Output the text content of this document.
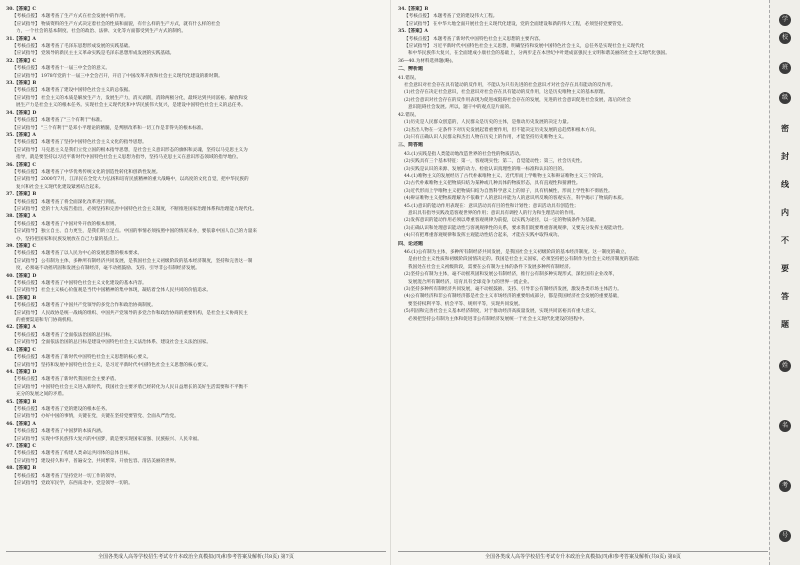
30.【答案】C
【考核点拨】 本题考查了生产方式在社会发展中的作用。
【应试指导】 物质资料的生产方式决定着社会的性质和面貌，有什么样的生产方式，就有什么样的社会
力，一个社会的基本制度、社会的政治、法律、文化等方面都受到生产方式的制约。
31.【答案】A
【考核点拨】 本题考查了毛泽东思想形成发展的实践基础。
【应试指导】 党领导的新民主主义革命实践是毛泽东思想形成发展的实践基础。
32.【答案】C
【考核点拨】 本题考查十一届三中全会的意义。
【应试指导】 1978年党的十一届三中全会召开，开启了中国改革开放和社会主义现代化建设的新时期。
33.【答案】B
【考核点拨】 本题考查了建设中国特色社会主义的总依据。
【应试指导】 社会主义的本质是解放生产力，发展生产力，消灭剥削，消除两极分化，最终达到共同富裕。解放和发
展生产力是社会主义的根本任务。实现社会主义现代化和中华民族伟大复兴，是建设中国特色社会主义的总任务。
34.【答案】D
【考核点拨】 本题考查了"三个有利于"标准。
【应试指导】 "三个有利于"是邓小平理论的精髓，是判断改革和一切工作是非得失的根本标准。
35.【答案】A
【考核点拨】 本题考查了坚持中国特色社会主义文化的指导思想。
【应试指导】 马克思主义是我们立党立国的根本指导思想，是社会主义意识形态的旗帜和灵魂，坚持以马克思主义为
指导，就是要坚持以习近平新时代中国特色社会主义思想为指导，坚持马克思主义在意识形态领域的指导地位。
36.【答案】C
【考核点拨】 本题考查了中华优秀传统文化的创造性转化和创新性发展。
【应试指导】 2000年7月，江泽民在全党大力弘扬和培育民族精神的重大战略中，以高度的文化自觉，把中华民族的
复兴和社会主义现代化建设紧密结合起来。
37.【答案】B
【考核点拨】 本题考查了将全面深化改革进行到底。
【应试指导】 党的十九大报告指出，必须坚持和完善中国特色社会主义制度，不断推进国家治理体系和治理能力现代化。
38.【答案】A
【考核点拨】 本题考查了中国对外开放的根本原则。
【应试指导】 独立自主、自力更生，是我们的立足点。中国的事情必须按照中国的情况来办，要依靠中国人自己的力量来
办，坚持把国家和民族发展放在自己力量的基点上。
39.【答案】C
【考核点拨】 本题考查了以人民为中心的发展思想的根本要求。
【应试指导】 公有制为主体，多种所有制经济共同发展，是我国社会主义初级阶段的基本经济制度，坚持和完善这一制
度，必须毫不动摇巩固和发展公有制经济，毫不动摇鼓励、支持、引导非公有制经济发展。
40.【答案】D
【考核点拨】 本题考查了中国特色社会主义文化建设的基本内容。
【应试指导】 社会主义核心价值观是当代中国精神的集中体现，凝结着全体人民共同的价值追求。
41.【答案】B
【考核点拨】 本题考查了中国共产党领导的多党合作和政治协商制度。
【应试指导】 人民政协是统一战线的组织、中国共产党领导的多党合作和政治协商的重要机构，是社会主义协商民主
的重要渠道和专门协商机构。
42.【答案】A
【考核点拨】 本题考查了全面依法治国的总目标。
【应试指导】 全面依法治国的总目标是建设中国特色社会主义法治体系、建设社会主义法治国家。
43.【答案】C
【考核点拨】 本题考查了新时代中国特色社会主义思想的核心要义。
【应试指导】 坚持和发展中国特色社会主义，是习近平新时代中国特色社会主义思想的核心要义。
44.【答案】D
【考核点拨】 本题考查了新时代我国社会主要矛盾。
【应试指导】 中国特色社会主义进入新时代，我国社会主要矛盾已经转化为人民日益增长的美好生活需要和不平衡不
充分的发展之间的矛盾。
45.【答案】B
【考核点拨】 本题考查了党的建设的根本任务。
【应试指导】 办好中国的事情，关键在党，关键在坚持党要管党、全面从严治党。
46.【答案】A
【考核点拨】 本题考查了中国梦的本质内涵。
【应试指导】 实现中华民族伟大复兴的中国梦，就是要实现国家富强、民族振兴、人民幸福。
47.【答案】C
【考核点拨】 本题考查了构建人类命运共同体的总体目标。
【应试指导】 建设持久和平、普遍安全、共同繁荣、开放包容、清洁美丽的世界。
48.【答案】B
【考核点拨】 本题考查了坚持党对一切工作的领导。
【应试指导】 党政军民学，东西南北中，党是领导一切的。
34.【答案】B
【考核点拨】 本题考查了党的建设伟大工程。
【应试指导】 在中华大地全面开展社会主义现代化建设，党的全面建设和新的伟大工程，必须坚持党要管党。
35.【答案】A
【考核点拨】 本题考查了新时代中国特色社会主义思想的主要内容。
【应试指导】 习近平新时代中国特色社会主义思想，明确坚持和发展中国特色社会主义，总任务是实现社会主义现代化
和中华民族伟大复兴，在全面建成小康社会的基础上，分两步走在本世纪中叶建成富强民主文明和谐美丽的社会主义现代化强国。
36—40.为材料选择题(略)。
二、辨析题
41.错误。
社会意识对社会存在具有能动的反作用，不能认为只有先进的社会意识才对社会存在具有能动的反作用。
(1)社会存在决定社会意识，社会意识对社会存在具有能动的反作用，这是历史唯物主义的基本原理。
(2)社会意识对社会存在的反作用表现为促进或阻碍社会存在的发展，先进的社会意识促进社会发展，落后的社会
意识阻碍社会发展。所以，题干中的观点是片面的。
42.错误。
(1)历史是人民群众创造的，人民群众是历史的主体，是推动历史发展的决定力量。
(2)杰出人物在一定条件下对历史发展起着重要作用，但不能决定历史发展的总趋势和根本方向。
(3)只有正确认识人民群众和杰出人物在历史上的作用，才能坚持历史唯物主义。
三、简答题
43.(1)实践是指人类能动地改造世界的社会性的物质活动。
(2)实践具有三个基本特征：第一，客观现实性；第二，自觉能动性；第三，社会历史性。
(3)实践是认识的来源、发展的动力、检验认识真理性的唯一标准和认识的目的。
44.(1)唯物主义的发展经历了古代朴素唯物主义、近代形而上学唯物主义和辩证唯物主义三个阶段。
(2)古代朴素唯物主义把物质归结为某种或几种具体的物质形态，具有直观性和猜测性。
(3)近代形而上学唯物主义把物质归结为自然科学意义上的原子，具有机械性、形而上学性和不彻底性。
(4)辩证唯物主义把物质理解为不依赖于人的意识并能为人的意识所反映的客观实在，科学揭示了物质的本质。
45.(1)意识的能动作用表现在：意识活动具有目的性和计划性；意识活动具有创造性；
意识具有指导实践改造客观世界的作用；意识具有调控人的行为和生理活动的作用。
(2)发挥意识的能动作用必须以尊重客观规律为前提，以实践为途径，以一定的物质条件为基础。
(3)正确认识和处理意识能动性与客观规律性的关系，要求我们既要尊重客观规律，又要充分发挥主观能动性。
(4)只有把尊重客观规律和发挥主观能动性结合起来，才能在实践中取得成功。
四、论述题
46.(1)公有制为主体，多种所有制经济共同发展，是我国社会主义初级阶段的基本经济制度。这一制度的确立，
是由社会主义性质和初级阶段国情决定的。我国是社会主义国家，必须坚持把公有制作为社会主义经济制度的基础；
我国处在社会主义初级阶段，需要在公有制为主体的条件下发展多种所有制经济。
(2)坚持公有制为主体，毫不动摇巩固和发展公有制经济，推行公有制多种实现形式，深化国有企业改革，
发展混合所有制经济，培育具有全球竞争力的世界一流企业。
(3)坚持多种所有制经济共同发展，毫不动摇鼓励、支持、引导非公有制经济发展，激发各类市场主体活力。
(4)公有制经济和非公有制经济都是社会主义市场经济的重要组成部分，都是我国经济社会发展的重要基础，
要坚持权利平等、机会平等、规则平等，实现共同发展。
(5)巩固和完善社会主义基本经济制度，对于推动经济高质量发展，实现共同富裕具有重大意义，
必须把坚持公有制为主体和促进非公有制经济发展统一于社会主义现代化建设的进程中。
全国各类成人高等学校招生考试专升本政治全真模拟(四)和参考答案及解析(共8页) 第7页	全国各类成人高等学校招生考试专升本政治全真模拟(四)和参考答案及解析(共8页) 第8页
学
校
班
级
密
封
线
内
不
要
答
题
姓
名
考
号
